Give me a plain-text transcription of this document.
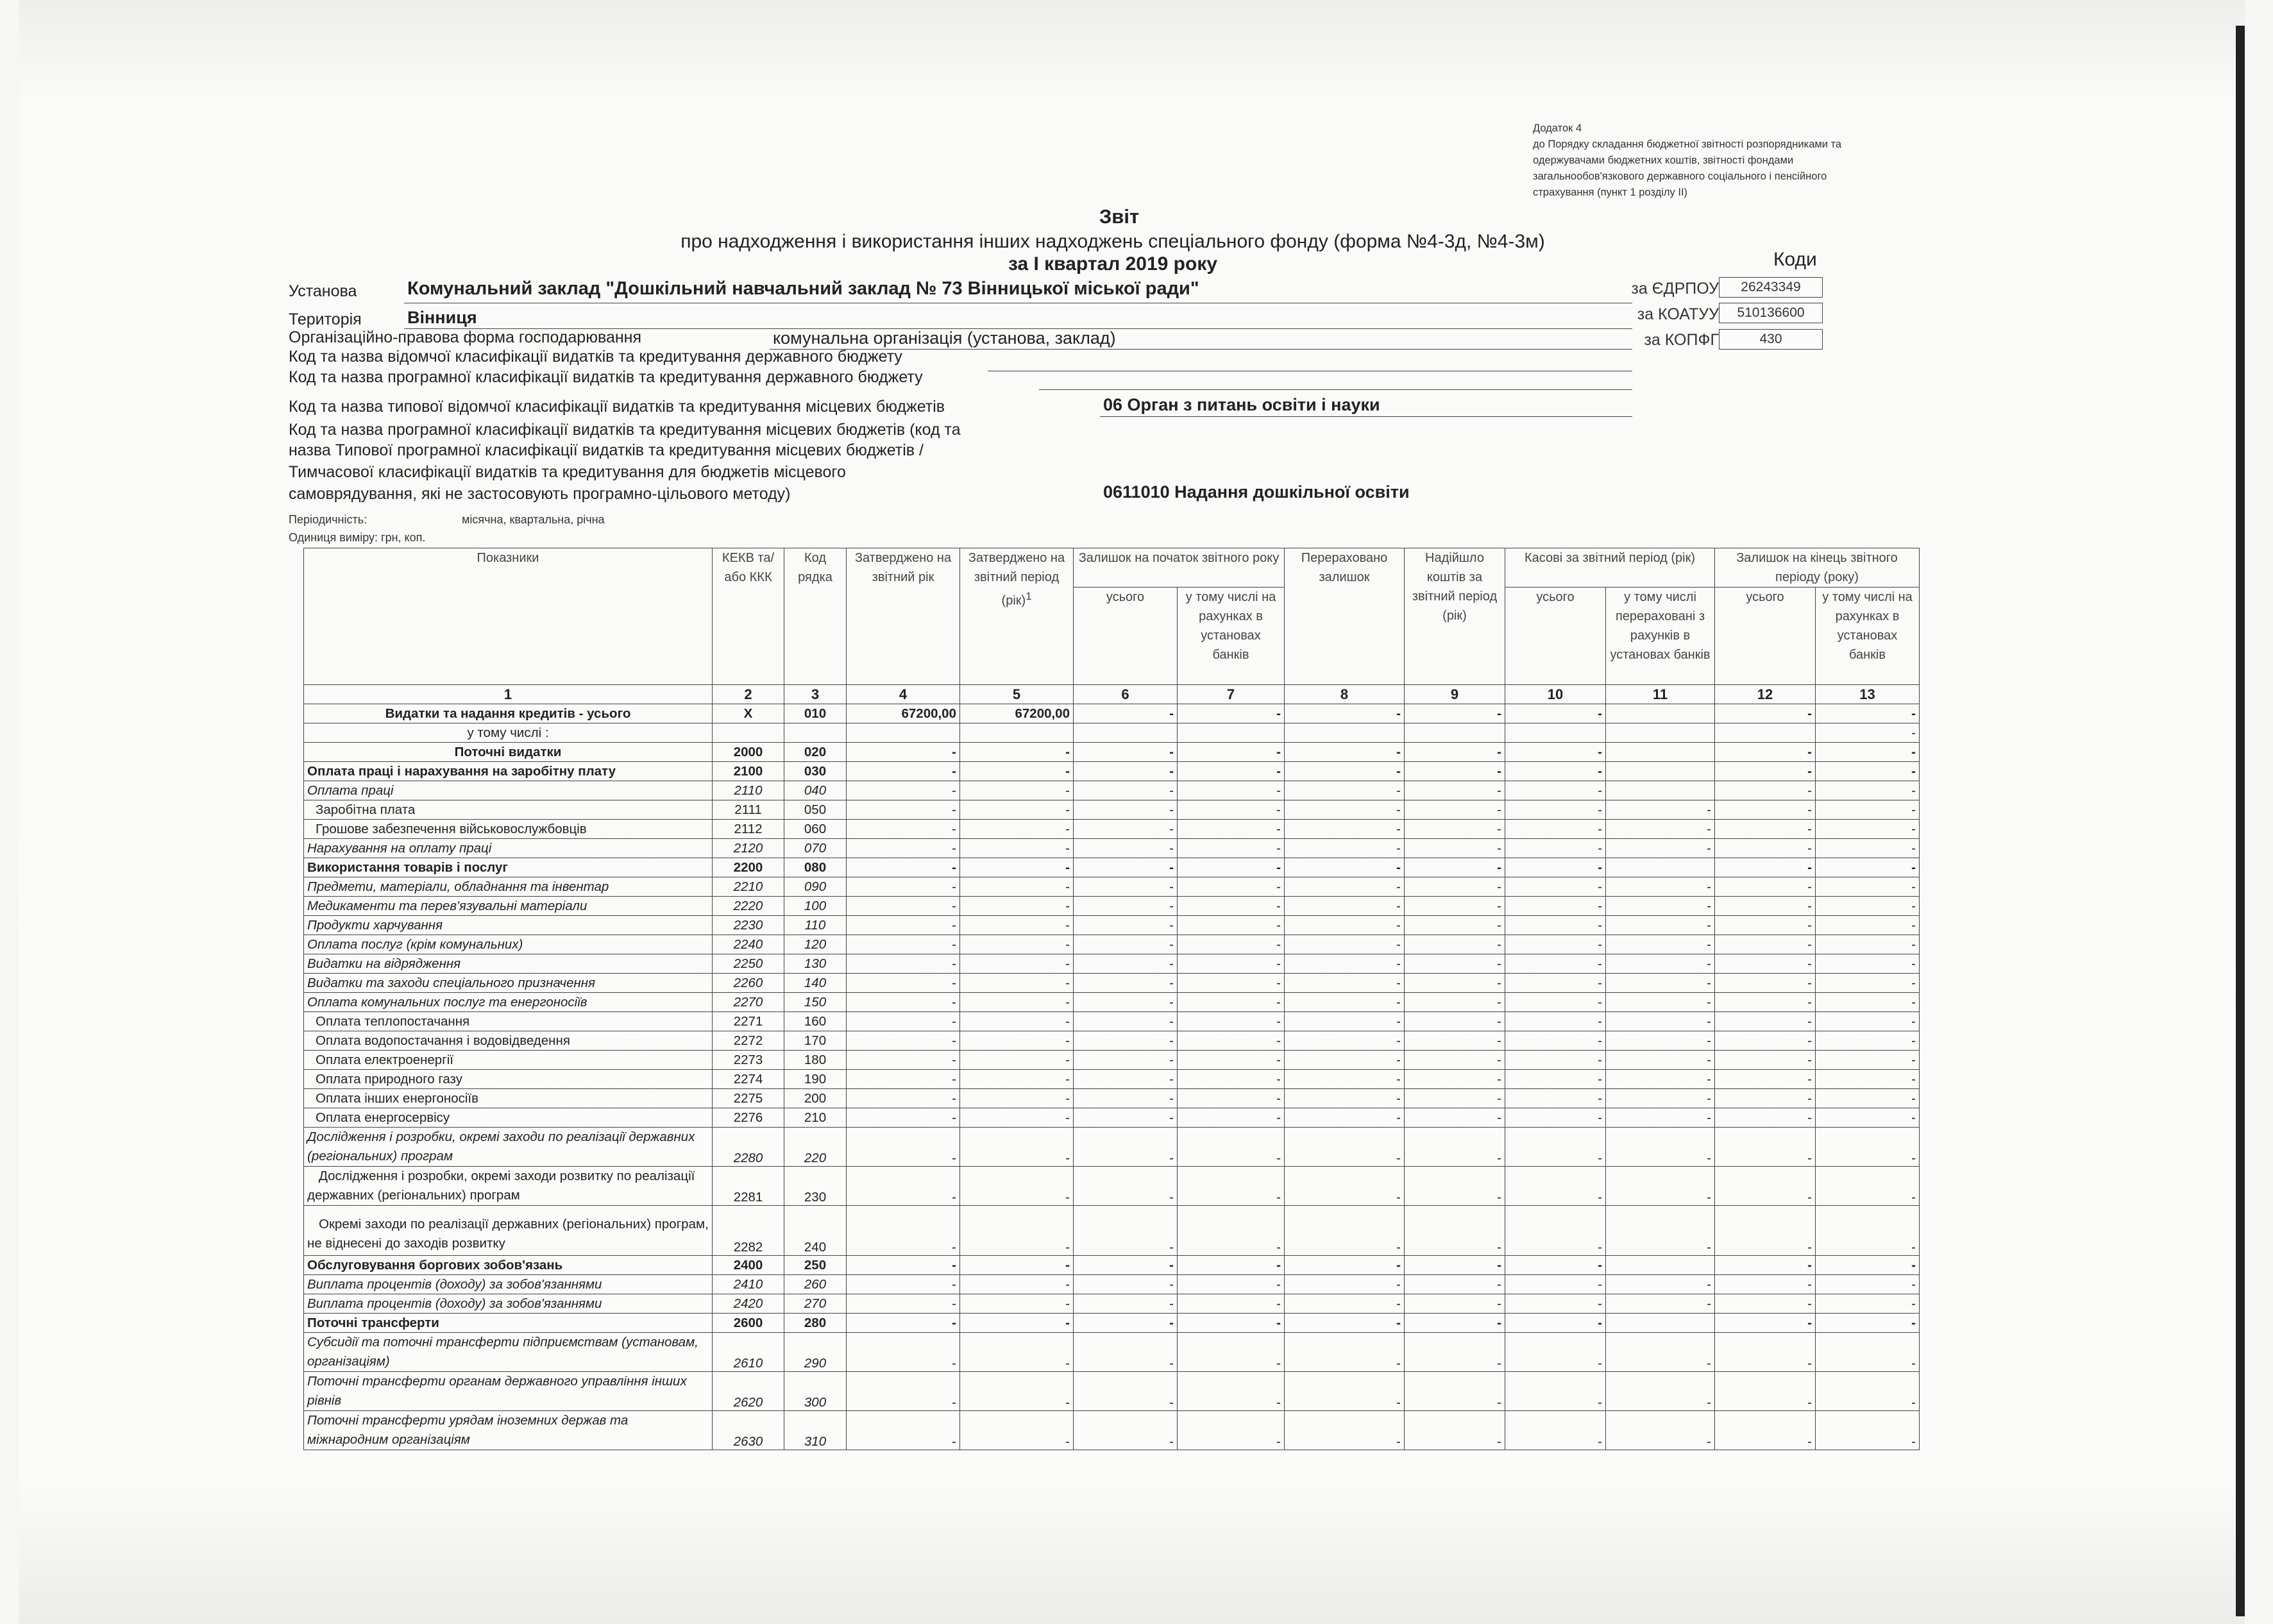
Додаток 4
до Порядку складання бюджетної звітності розпорядниками та
одержувачами бюджетних коштів, звітності фондами
загальнообов'язкового державного соціального і пенсійного
страхування (пункт 1 розділу ІІ)
Звіт
про надходження і використання інших надходжень спеціального фонду (форма №4-3д, №4-3м)
за І квартал 2019 року	Коди
за ЄДРПОУ	26243349
за КОАТУУ	510136600
за КОПФГ	430
Установа	Комунальний заклад "Дошкільний навчальний заклад № 73 Вінницької міської ради"
Територія	Вінниця
Організаційно-правова форма господарювання	комунальна організація (установа, заклад)
Код та назва відомчої класифікації видатків та кредитування державного бюджету
Код та назва програмної класифікації видатків та кредитування державного бюджету
Код та назва типової відомчої класифікації видатків та кредитування місцевих бюджетів	06 Орган з питань освіти і науки
Код та назва програмної класифікації видатків та кредитування місцевих бюджетів (код та
назва Типової програмної класифікації видатків та кредитування місцевих бюджетів /
Тимчасової класифікації видатків та кредитування для бюджетів місцевого
самоврядування, які не застосовують програмно-цільового методу)	0611010 Надання дошкільної освіти
Періодичність:	місячна, квартальна, річна
Одиниця виміру: грн, коп.
Показники	КЕКВ та/або ККК	Код рядка	Затверджено на звітний рік	Затверджено на звітний період (рік)$^1$	Залишок на початок звітного року		Перераховано залишок	Надійшло коштів за звітний період (рік)	Касові за звітний період (рік)		Залишок на кінець звітного періоду (року)	
					усього	у тому числі на рахунках в установах банків			усього	у тому числі перераховані з рахунків в установах банків	усього	у тому числі на рахунках в установах банків
1	2	3	4	5	6	7	8	9	10	11	12	13
Видатки та надання кредитів - усього	X	010	67200,00	67200,00	-	-	-	-	-		-	-
у тому числі :												-
Поточні видатки	2000	020	-	-	-	-	-	-	-		-	-
Оплата праці і нарахування на заробітну плату	2100	030	-	-	-	-	-	-	-		-	-
Оплата праці	2110	040	-	-	-	-	-	-	-		-	-
Заробітна плата	2111	050	-	-	-	-	-	-	-	-	-	-
Грошове забезпечення військовослужбовців	2112	060	-	-	-	-	-	-	-	-	-	-
Нарахування на оплату праці	2120	070	-	-	-	-	-	-	-	-	-	-
Використання товарів і послуг	2200	080	-	-	-	-	-	-	-		-	-
Предмети, матеріали, обладнання та інвентар	2210	090	-	-	-	-	-	-	-	-	-	-
Медикаменти та перев'язувальні матеріали	2220	100	-	-	-	-	-	-	-	-	-	-
Продукти харчування	2230	110	-	-	-	-	-	-	-	-	-	-
Оплата послуг (крім комунальних)	2240	120	-	-	-	-	-	-	-	-	-	-
Видатки на відрядження	2250	130	-	-	-	-	-	-	-	-	-	-
Видатки та заходи спеціального призначення	2260	140	-	-	-	-	-	-	-	-	-	-
Оплата комунальних послуг та енергоносіїв	2270	150	-	-	-	-	-	-	-	-	-	-
Оплата теплопостачання	2271	160	-	-	-	-	-	-	-	-	-	-
Оплата водопостачання і водовідведення	2272	170	-	-	-	-	-	-	-	-	-	-
Оплата електроенергії	2273	180	-	-	-	-	-	-	-	-	-	-
Оплата природного газу	2274	190	-	-	-	-	-	-	-	-	-	-
Оплата інших енергоносіїв	2275	200	-	-	-	-	-	-	-	-	-	-
Оплата енергосервісу	2276	210	-	-	-	-	-	-	-	-	-	-
Дослідження і розробки, окремі заходи по реалізації державних (регіональних) програм	2280	220	-	-	-	-	-	-	-	-	-	-
Дослідження і розробки, окремі заходи розвитку по реалізації державних (регіональних) програм	2281	230	-	-	-	-	-	-	-	-	-	-
Окремі заходи по реалізації державних (регіональних) програм, не віднесені до заходів розвитку	2282	240	-	-	-	-	-	-	-	-	-	-
Обслуговування боргових зобов'язань	2400	250	-	-	-	-	-	-	-		-	-
Виплата процентів (доходу) за зобов'язаннями	2410	260	-	-	-	-	-	-	-	-	-	-
Виплата процентів (доходу) за зобов'язаннями	2420	270	-	-	-	-	-	-	-	-	-	-
Поточні трансферти	2600	280	-	-	-	-	-	-	-		-	-
Субсидії та поточні трансферти підприємствам (установам, організаціям)	2610	290	-	-	-	-	-	-	-	-	-	-
Поточні трансферти органам державного управління інших рівнів	2620	300	-	-	-	-	-	-	-	-	-	-
Поточні трансферти урядам іноземних держав та міжнародним організаціям	2630	310	-	-	-	-	-	-	-	-	-	-
